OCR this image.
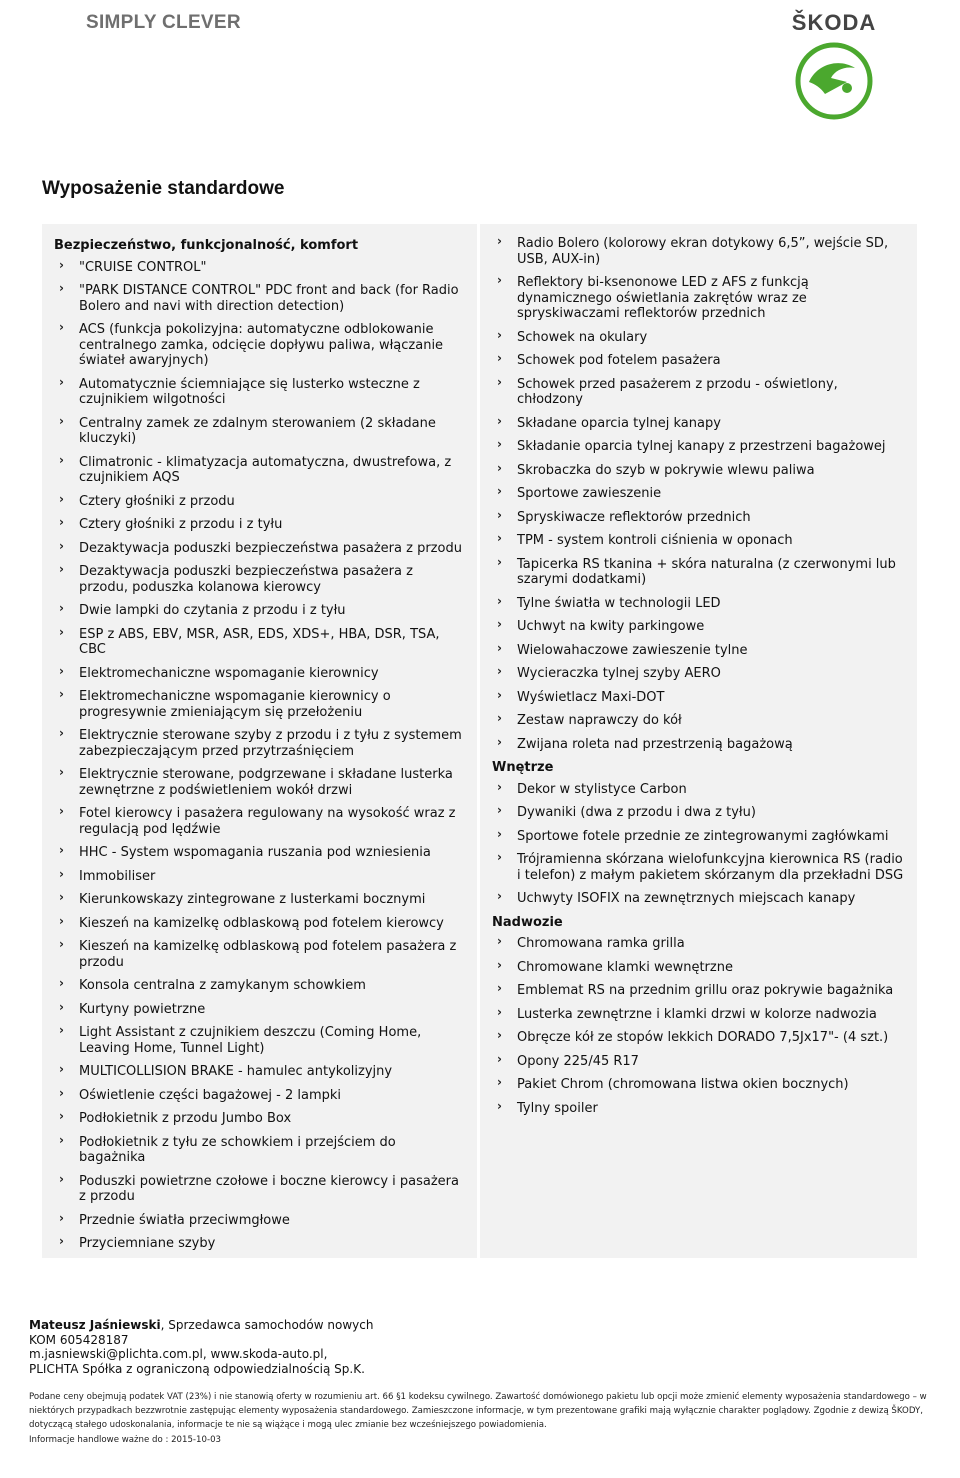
SIMPLY CLEVER	ŠKODA
Wyposażenie standardowe
Bezpieczeństwo, funkcjonalność, komfort
› "CRUISE CONTROL"
› "PARK DISTANCE CONTROL" PDC front and back (for Radio Bolero and navi with direction detection)
› ACS (funkcja pokolizyjna: automatyczne odblokowanie centralnego zamka, odcięcie dopływu paliwa, włączanie świateł awaryjnych)
› Automatycznie ściemniające się lusterko wsteczne z czujnikiem wilgotności
› Centralny zamek ze zdalnym sterowaniem (2 składane kluczyki)
› Climatronic - klimatyzacja automatyczna, dwustrefowa, z czujnikiem AQS
› Cztery głośniki z przodu
› Cztery głośniki z przodu i z tyłu
› Dezaktywacja poduszki bezpieczeństwa pasażera z przodu
› Dezaktywacja poduszki bezpieczeństwa pasażera z przodu, poduszka kolanowa kierowcy
› Dwie lampki do czytania z przodu i z tyłu
› ESP z ABS, EBV, MSR, ASR, EDS, XDS+, HBA, DSR, TSA, CBC
› Elektromechaniczne wspomaganie kierownicy
› Elektromechaniczne wspomaganie kierownicy o progresywnie zmieniającym się przełożeniu
› Elektrycznie sterowane szyby z przodu i z tyłu z systemem zabezpieczającym przed przytrzaśnięciem
› Elektrycznie sterowane, podgrzewane i składane lusterka zewnętrzne z podświetleniem wokół drzwi
› Fotel kierowcy i pasażera regulowany na wysokość wraz z regulacją pod lędźwie
› HHC - System wspomagania ruszania pod wzniesienia
› Immobiliser
› Kierunkowskazy zintegrowane z lusterkami bocznymi
› Kieszeń na kamizelkę odblaskową pod fotelem kierowcy
› Kieszeń na kamizelkę odblaskową pod fotelem pasażera z przodu
› Konsola centralna z zamykanym schowkiem
› Kurtyny powietrzne
› Light Assistant z czujnikiem deszczu (Coming Home, Leaving Home, Tunnel Light)
› MULTICOLLISION BRAKE - hamulec antykolizyjny
› Oświetlenie części bagażowej - 2 lampki
› Podłokietnik z przodu Jumbo Box
› Podłokietnik z tyłu ze schowkiem i przejściem do bagażnika
› Poduszki powietrzne czołowe i boczne kierowcy i pasażera z przodu
› Przednie światła przeciwmgłowe
› Przyciemniane szyby
› Radio Bolero (kolorowy ekran dotykowy 6,5”, wejście SD, USB, AUX-in)
› Reflektory bi-ksenonowe LED z AFS z funkcją dynamicznego oświetlania zakrętów wraz ze spryskiwaczami reflektorów przednich
› Schowek na okulary
› Schowek pod fotelem pasażera
› Schowek przed pasażerem z przodu - oświetlony, chłodzony
› Składane oparcia tylnej kanapy
› Składanie oparcia tylnej kanapy z przestrzeni bagażowej
› Skrobaczka do szyb w pokrywie wlewu paliwa
› Sportowe zawieszenie
› Spryskiwacze reflektorów przednich
› TPM - system kontroli ciśnienia w oponach
› Tapicerka RS tkanina + skóra naturalna (z czerwonymi lub szarymi dodatkami)
› Tylne światła w technologii LED
› Uchwyt na kwity parkingowe
› Wielowahaczowe zawieszenie tylne
› Wycieraczka tylnej szyby AERO
› Wyświetlacz Maxi-DOT
› Zestaw naprawczy do kół
› Zwijana roleta nad przestrzenią bagażową
Wnętrze
› Dekor w stylistyce Carbon
› Dywaniki (dwa z przodu i dwa z tyłu)
› Sportowe fotele przednie ze zintegrowanymi zagłówkami
› Trójramienna skórzana wielofunkcyjna kierownica RS (radio i telefon) z małym pakietem skórzanym dla przekładni DSG
› Uchwyty ISOFIX na zewnętrznych miejscach kanapy
Nadwozie
› Chromowana ramka grilla
› Chromowane klamki wewnętrzne
› Emblemat RS na przednim grillu oraz pokrywie bagażnika
› Lusterka zewnętrzne i klamki drzwi w kolorze nadwozia
› Obręcze kół ze stopów lekkich DORADO 7,5Jx17"- (4 szt.)
› Opony 225/45 R17
› Pakiet Chrom (chromowana listwa okien bocznych)
› Tylny spoiler
Mateusz Jaśniewski, Sprzedawca samochodów nowych
KOM 605428187
m.jasniewski@plichta.com.pl, www.skoda-auto.pl,
PLICHTA Spółka z ograniczoną odpowiedzialnością Sp.K.
Podane ceny obejmują podatek VAT (23%) i nie stanowią oferty w rozumieniu art. 66 §1 kodeksu cywilnego. Zawartość domówionego pakietu lub opcji może zmienić elementy wyposażenia standardowego – w
niektórych przypadkach bezzwrotnie zastępując elementy wyposażenia standardowego. Zamieszczone informacje, w tym prezentowane grafiki mają wyłącznie charakter poglądowy. Zgodnie z dewizą ŠKODY,
dotyczącą stałego udoskonalania, informacje te nie są wiążące i mogą ulec zmianie bez wcześniejszego powiadomienia.
Informacje handlowe ważne do : 2015-10-03
